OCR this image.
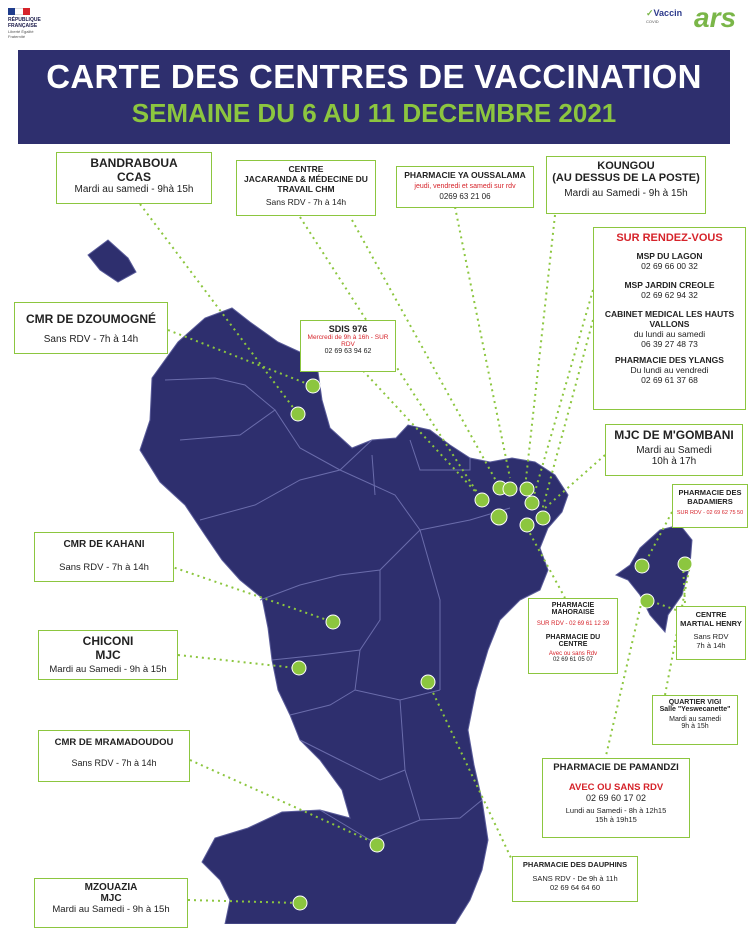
RÉPUBLIQUE
FRANÇAISE
Liberté Égalité Fraternité
✓Vaccin
COVID	ars
CARTE DES CENTRES DE VACCINATION
SEMAINE DU 6 AU 11 DECEMBRE 2021
BANDRABOUA
CCAS
Mardi au samedi - 9hà 15h
CENTRE
JACARANDA & MÉDECINE DU TRAVAIL CHM
Sans RDV - 7h à 14h
PHARMACIE YA OUSSALAMA
jeudi, vendredi et samedi sur rdv
0269 63 21 06
KOUNGOU
(AU DESSUS DE LA POSTE)
Mardi au Samedi - 9h à 15h
SUR RENDEZ-VOUS
MSP DU LAGON
02 69 66 00 32
MSP JARDIN CREOLE
02 69 62 94 32
CABINET MEDICAL LES HAUTS VALLONS
du lundi au samedi
06 39 27 48 73
PHARMACIE DES YLANGS
Du lundi au vendredi
02 69 61 37 68
CMR DE DZOUMOGNÉ
Sans RDV - 7h à 14h
SDIS 976
Mercredi de 9h à 16h - SUR RDV
02 69 63 94 62
MJC DE M'GOMBANI
Mardi au Samedi
10h à 17h
PHARMACIE DES BADAMIERS
SUR RDV - 02 69 62 75 50
CMR DE KAHANI
Sans RDV - 7h à 14h
PHARMACIE MAHORAISE
SUR RDV - 02 69 61 12 39
PHARMACIE DU CENTRE
Avec ou sans Rdv
02 69 61 05 07
CENTRE
MARTIAL HENRY
Sans RDV
7h à 14h
CHICONI
MJC
Mardi au Samedi - 9h à 15h
QUARTIER VIGI
Salle "Yeswecanette"
Mardi au samedi
9h à 15h
CMR DE MRAMADOUDOU
Sans RDV - 7h à 14h	PHARMACIE DE PAMANDZI
AVEC OU SANS RDV
02 69 60 17 02
Lundi au Samedi - 8h à 12h15
15h à 19h15
PHARMACIE DES DAUPHINS
SANS RDV - De 9h à 11h
02 69 64 64 60
MZOUAZIA
MJC
Mardi au Samedi - 9h à 15h
